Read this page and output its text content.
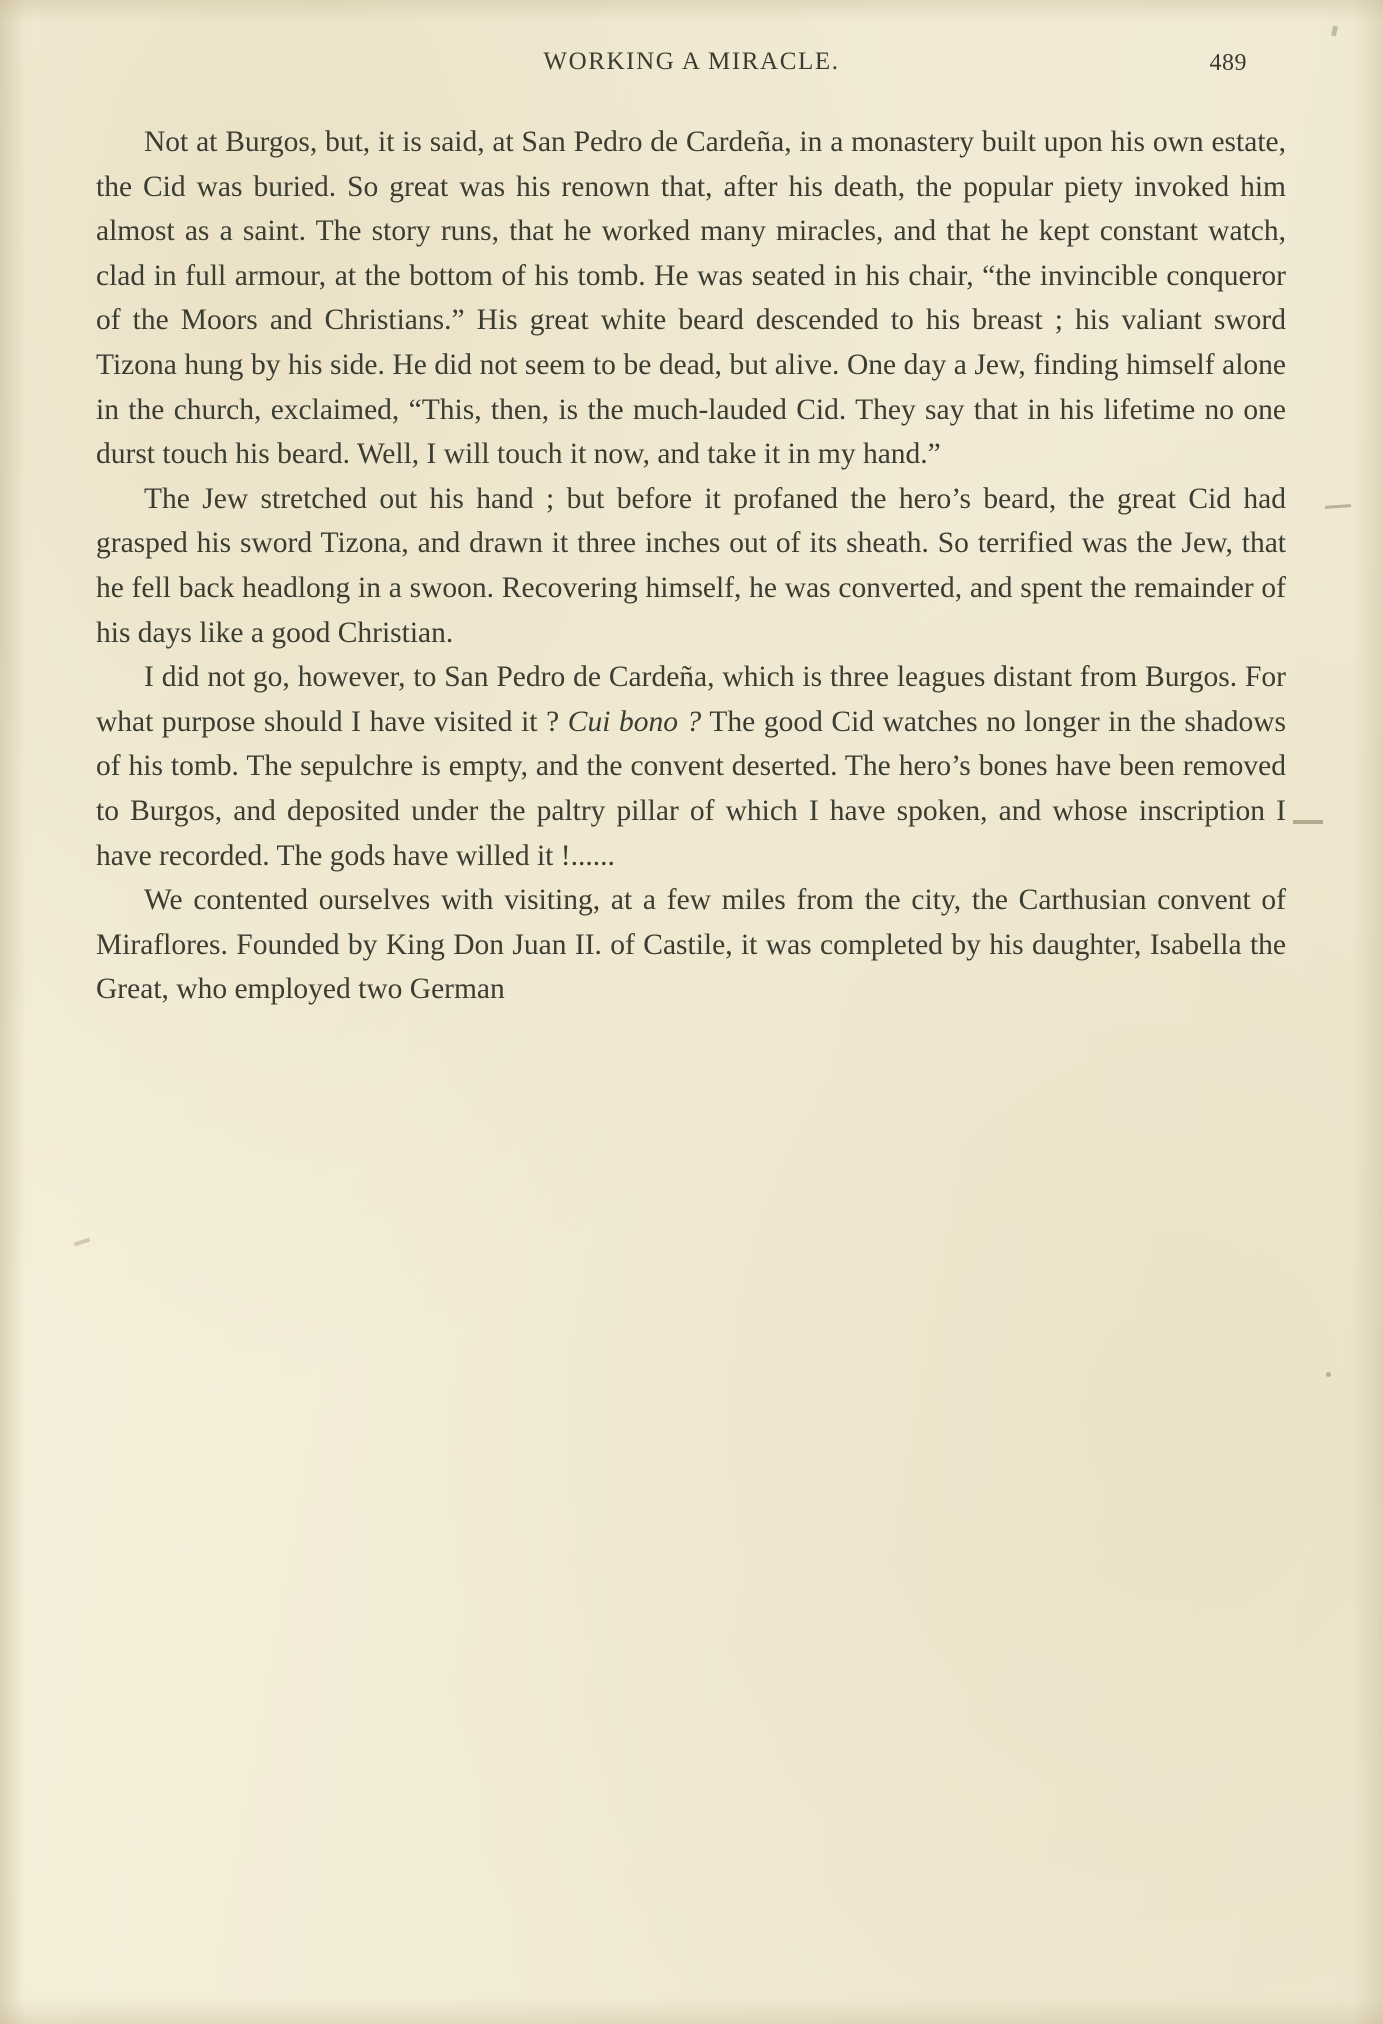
WORKING A MIRACLE.	489

Not at Burgos, but, it is said, at San Pedro de Cardeña, in a monastery built upon his own estate, the Cid was buried. So great was his renown that, after his death, the popular piety invoked him almost as a saint. The story runs, that he worked many miracles, and that he kept constant watch, clad in full armour, at the bottom of his tomb. He was seated in his chair, “the invincible conqueror of the Moors and Christians.” His great white beard descended to his breast ; his valiant sword Tizona hung by his side. He did not seem to be dead, but alive. One day a Jew, finding himself alone in the church, exclaimed, “This, then, is the much-lauded Cid. They say that in his lifetime no one durst touch his beard. Well, I will touch it now, and take it in my hand.”

The Jew stretched out his hand ; but before it profaned the hero’s beard, the great Cid had grasped his sword Tizona, and drawn it three inches out of its sheath. So terrified was the Jew, that he fell back headlong in a swoon. Recovering himself, he was converted, and spent the remainder of his days like a good Christian.

I did not go, however, to San Pedro de Cardeña, which is three leagues distant from Burgos. For what purpose should I have visited it ? Cui bono ? The good Cid watches no longer in the shadows of his tomb. The sepulchre is empty, and the convent deserted. The hero’s bones have been removed to Burgos, and deposited under the paltry pillar of which I have spoken, and whose inscription I have recorded. The gods have willed it !......

We contented ourselves with visiting, at a few miles from the city, the Carthusian convent of Miraflores. Founded by King Don Juan II. of Castile, it was completed by his daughter, Isabella the Great, who employed two German
